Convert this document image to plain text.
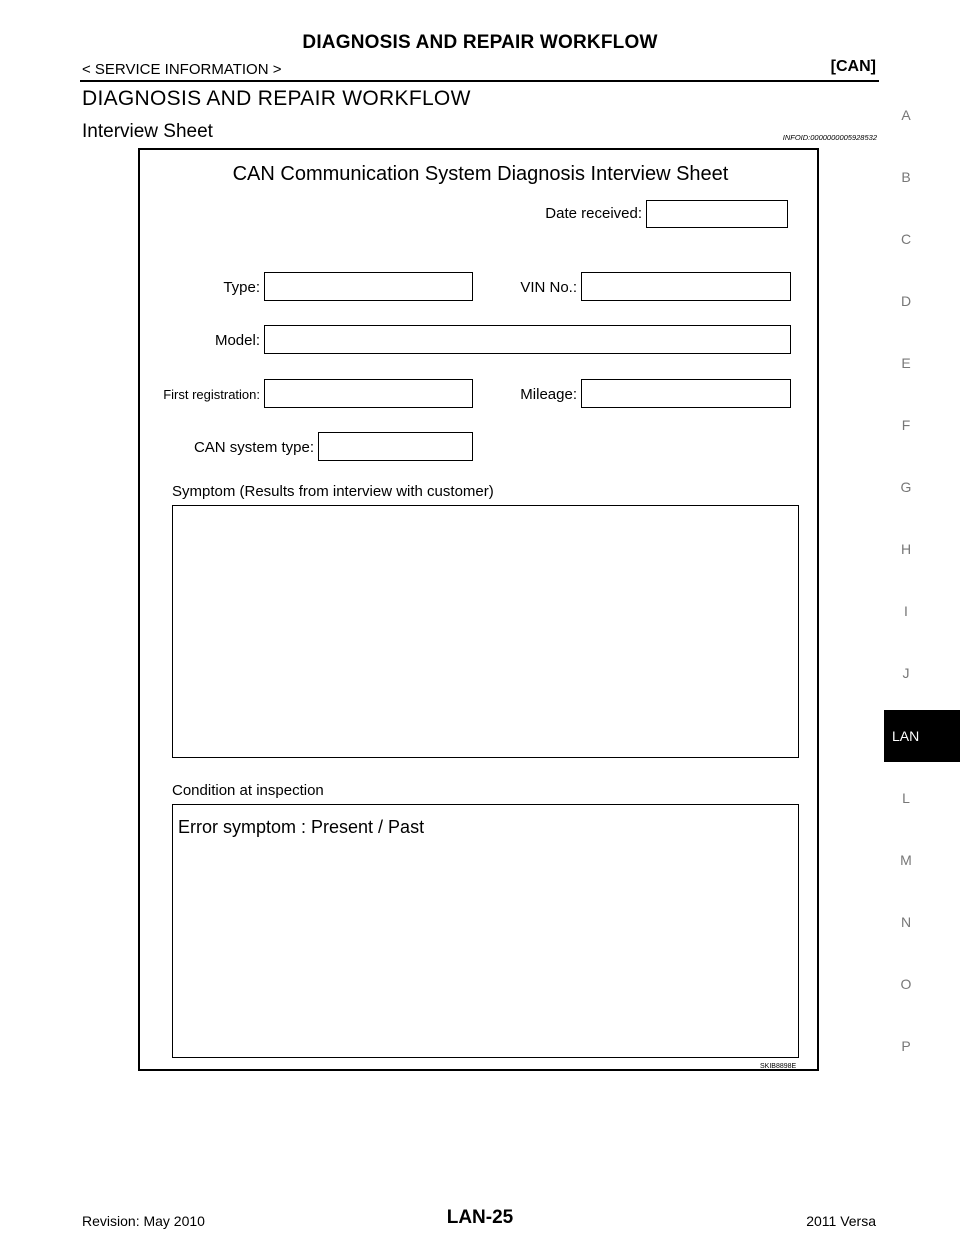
DIAGNOSIS AND REPAIR WORKFLOW
< SERVICE INFORMATION >	[CAN]
DIAGNOSIS AND REPAIR WORKFLOW
Interview Sheet	INFOID:0000000005928532
A
B
C
D
E
F
G
H
I
J
LAN
L
M
N
O
P
CAN Communication System Diagnosis Interview Sheet
Date received:
Type:	VIN No.:
Model:
First registration:	Mileage:
CAN system type:
Symptom (Results from interview with customer)
Condition at inspection
Error symptom : Present / Past
SKIB8898E
Revision: May 2010	LAN-25	2011 Versa
